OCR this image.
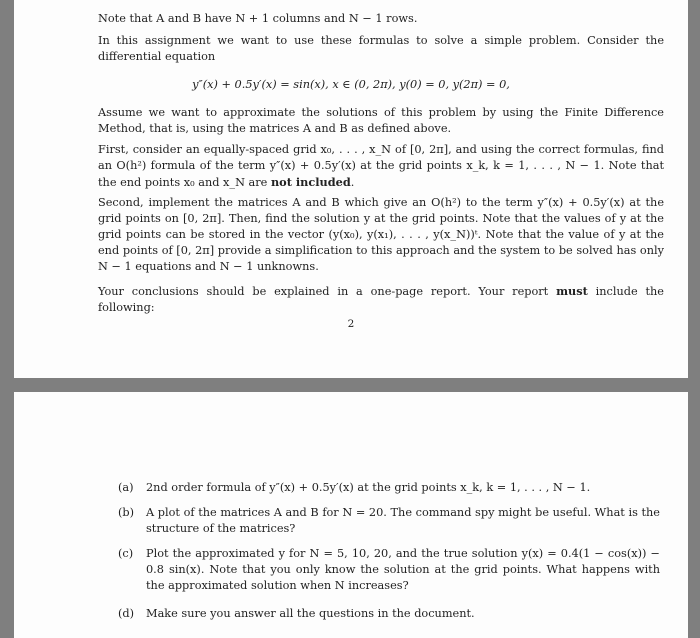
Note that A and B have N + 1 columns and N − 1 rows.

In this assignment we want to use these formulas to solve a simple problem. Consider the differential equation

y″(x) + 0.5y′(x) = sin(x), x ∈ (0, 2π), y(0) = 0, y(2π) = 0,

Assume we want to approximate the solutions of this problem by using the Finite Difference Method, that is, using the matrices A and B as defined above.

First, consider an equally-spaced grid x₀, . . . , x_N of [0, 2π], and using the correct formulas, find an O(h²) formula of the term y″(x) + 0.5y′(x) at the grid points x_k, k = 1, . . . , N − 1. Note that the end points x₀ and x_N are not included.

Second, implement the matrices A and B which give an O(h²) to the term y″(x) + 0.5y′(x) at the grid points on [0, 2π]. Then, find the solution y at the grid points. Note that the values of y at the grid points can be stored in the vector (y(x₀), y(x₁), . . . , y(x_N))ᵗ. Note that the value of y at the end points of [0, 2π] provide a simplification to this approach and the system to be solved has only N − 1 equations and N − 1 unknowns.

Your conclusions should be explained in a one-page report. Your report must include the following:

2
(a)	2nd order formula of y″(x) + 0.5y′(x) at the grid points x_k, k = 1, . . . , N − 1.
(b)	A plot of the matrices A and B for N = 20. The command spy might be useful. What is the structure of the matrices?
(c)	Plot the approximated y for N = 5, 10, 20, and the true solution y(x) = 0.4(1 − cos(x)) − 0.8 sin(x). Note that you only know the solution at the grid points. What happens with the approximated solution when N increases?
(d)	Make sure you answer all the questions in the document.
